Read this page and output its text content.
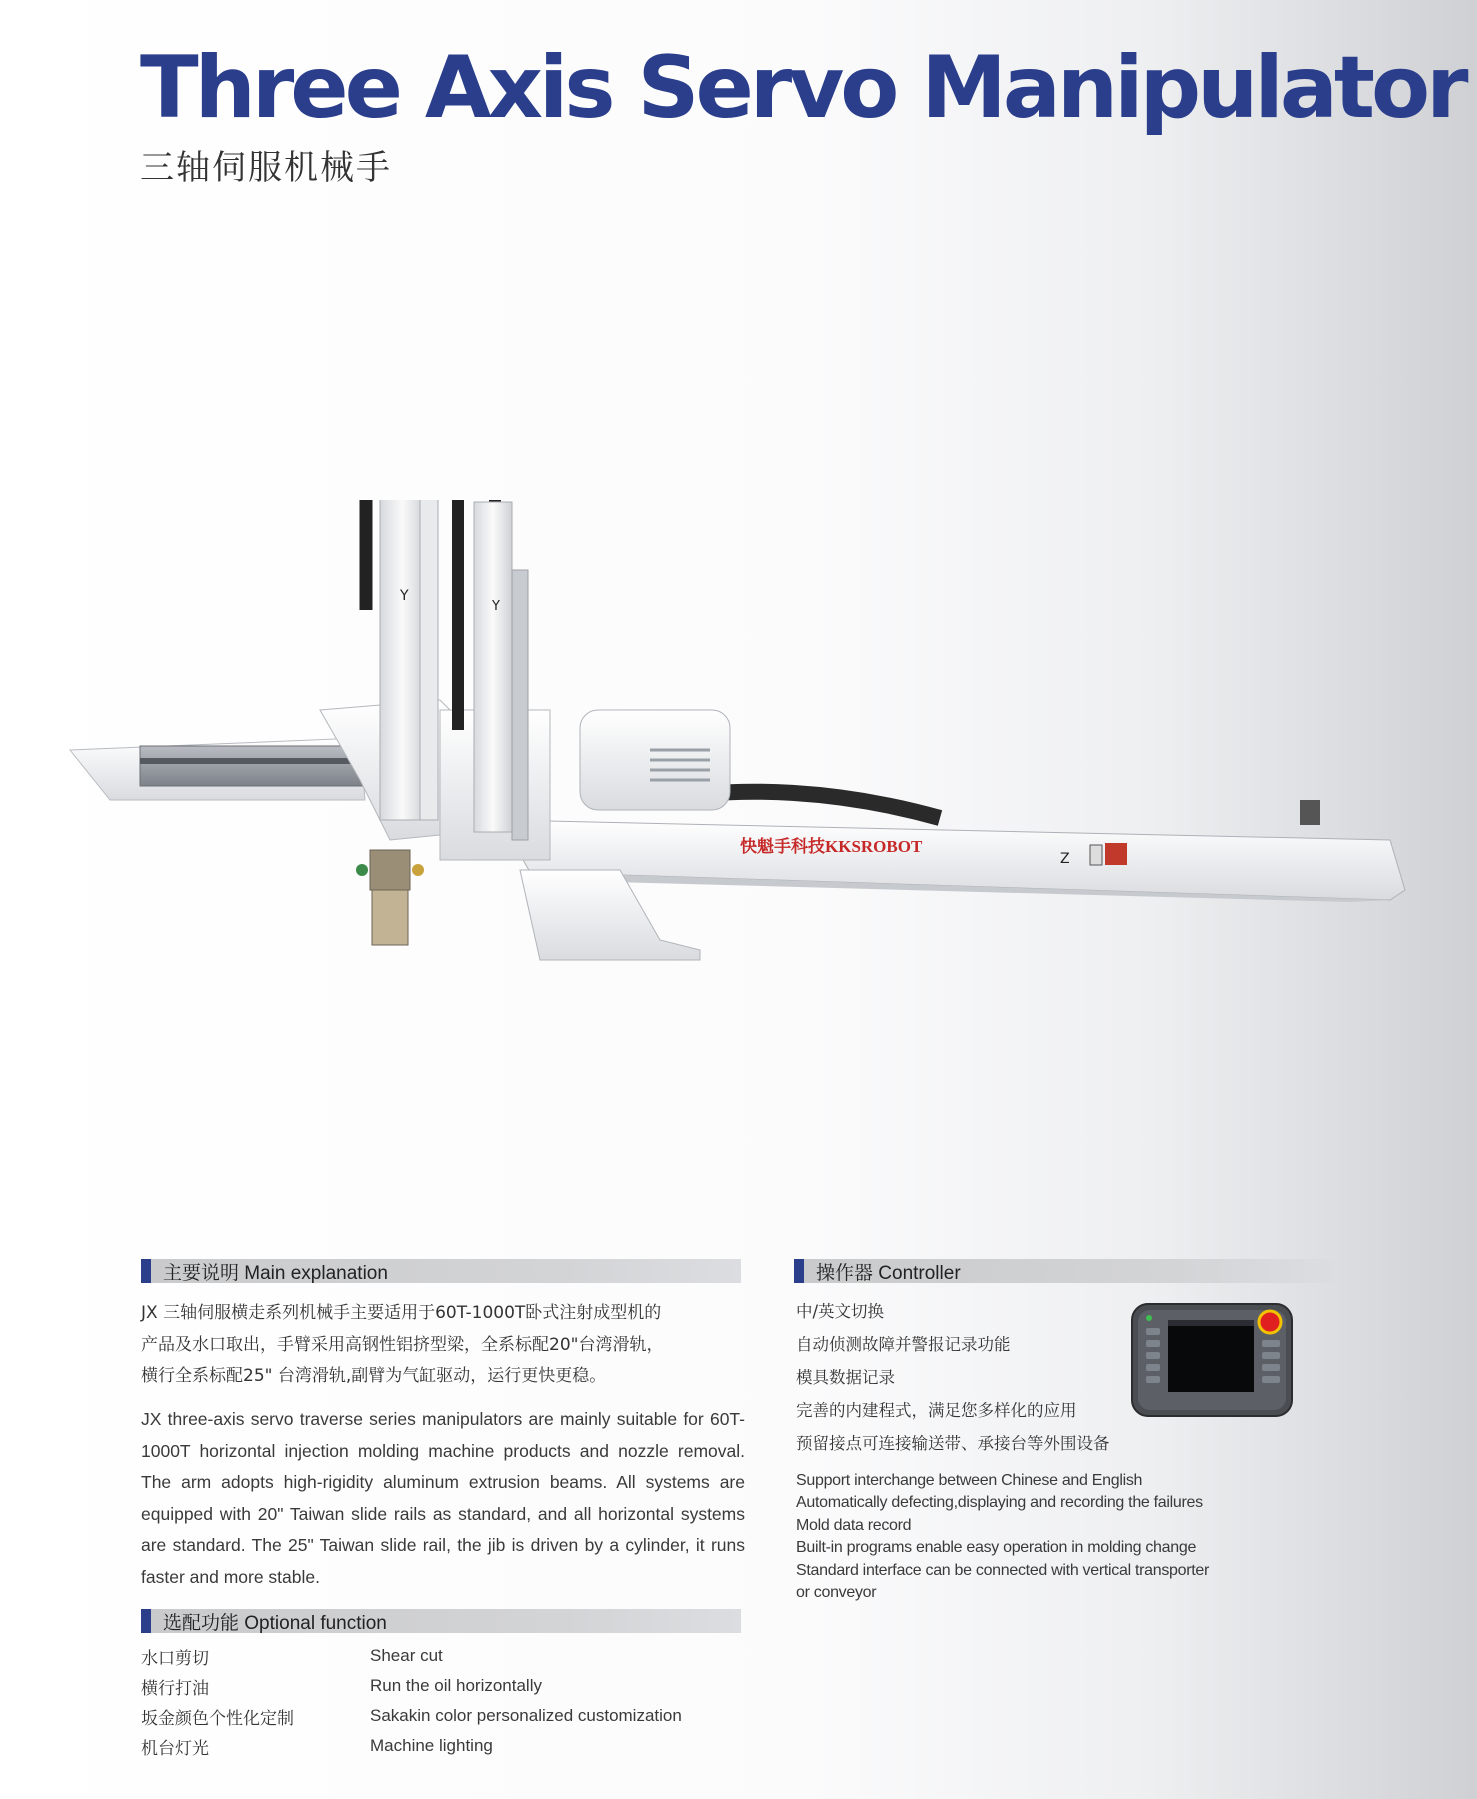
Three Axis Servo Manipulator
三轴伺服机械手
Y
Y
快魁手科技KKSROBOT
Z
主要说明 Main explanation
JX 三轴伺服横走系列机械手主要适用于60T-1000T卧式注射成型机的
产品及水口取出，手臂采用高钢性铝挤型梁，全系标配20"台湾滑轨，
横行全系标配25" 台湾滑轨,副臂为气缸驱动，运行更快更稳。
JX three-axis servo traverse series manipulators are mainly suitable for 60T-1000T horizontal injection molding machine products and nozzle removal. The arm adopts high-rigidity aluminum extrusion beams. All systems are equipped with 20" Taiwan slide rails as standard, and all horizontal systems are standard. The 25" Taiwan slide rail, the jib is driven by a cylinder, it runs faster and more stable.
选配功能 Optional function
水口剪切	Shear cut
横行打油	Run the oil horizontally
坂金颜色个性化定制	Sakakin color personalized customization
机台灯光	Machine lighting
操作器 Controller
中/英文切换
自动侦测故障并警报记录功能
模具数据记录
完善的内建程式，满足您多样化的应用
预留接点可连接输送带、承接台等外围设备
Support interchange between Chinese and English
Automatically defecting,displaying and recording the failures
Mold data record
Built-in programs enable easy operation in molding change
Standard interface can be connected with vertical transporter
or conveyor
